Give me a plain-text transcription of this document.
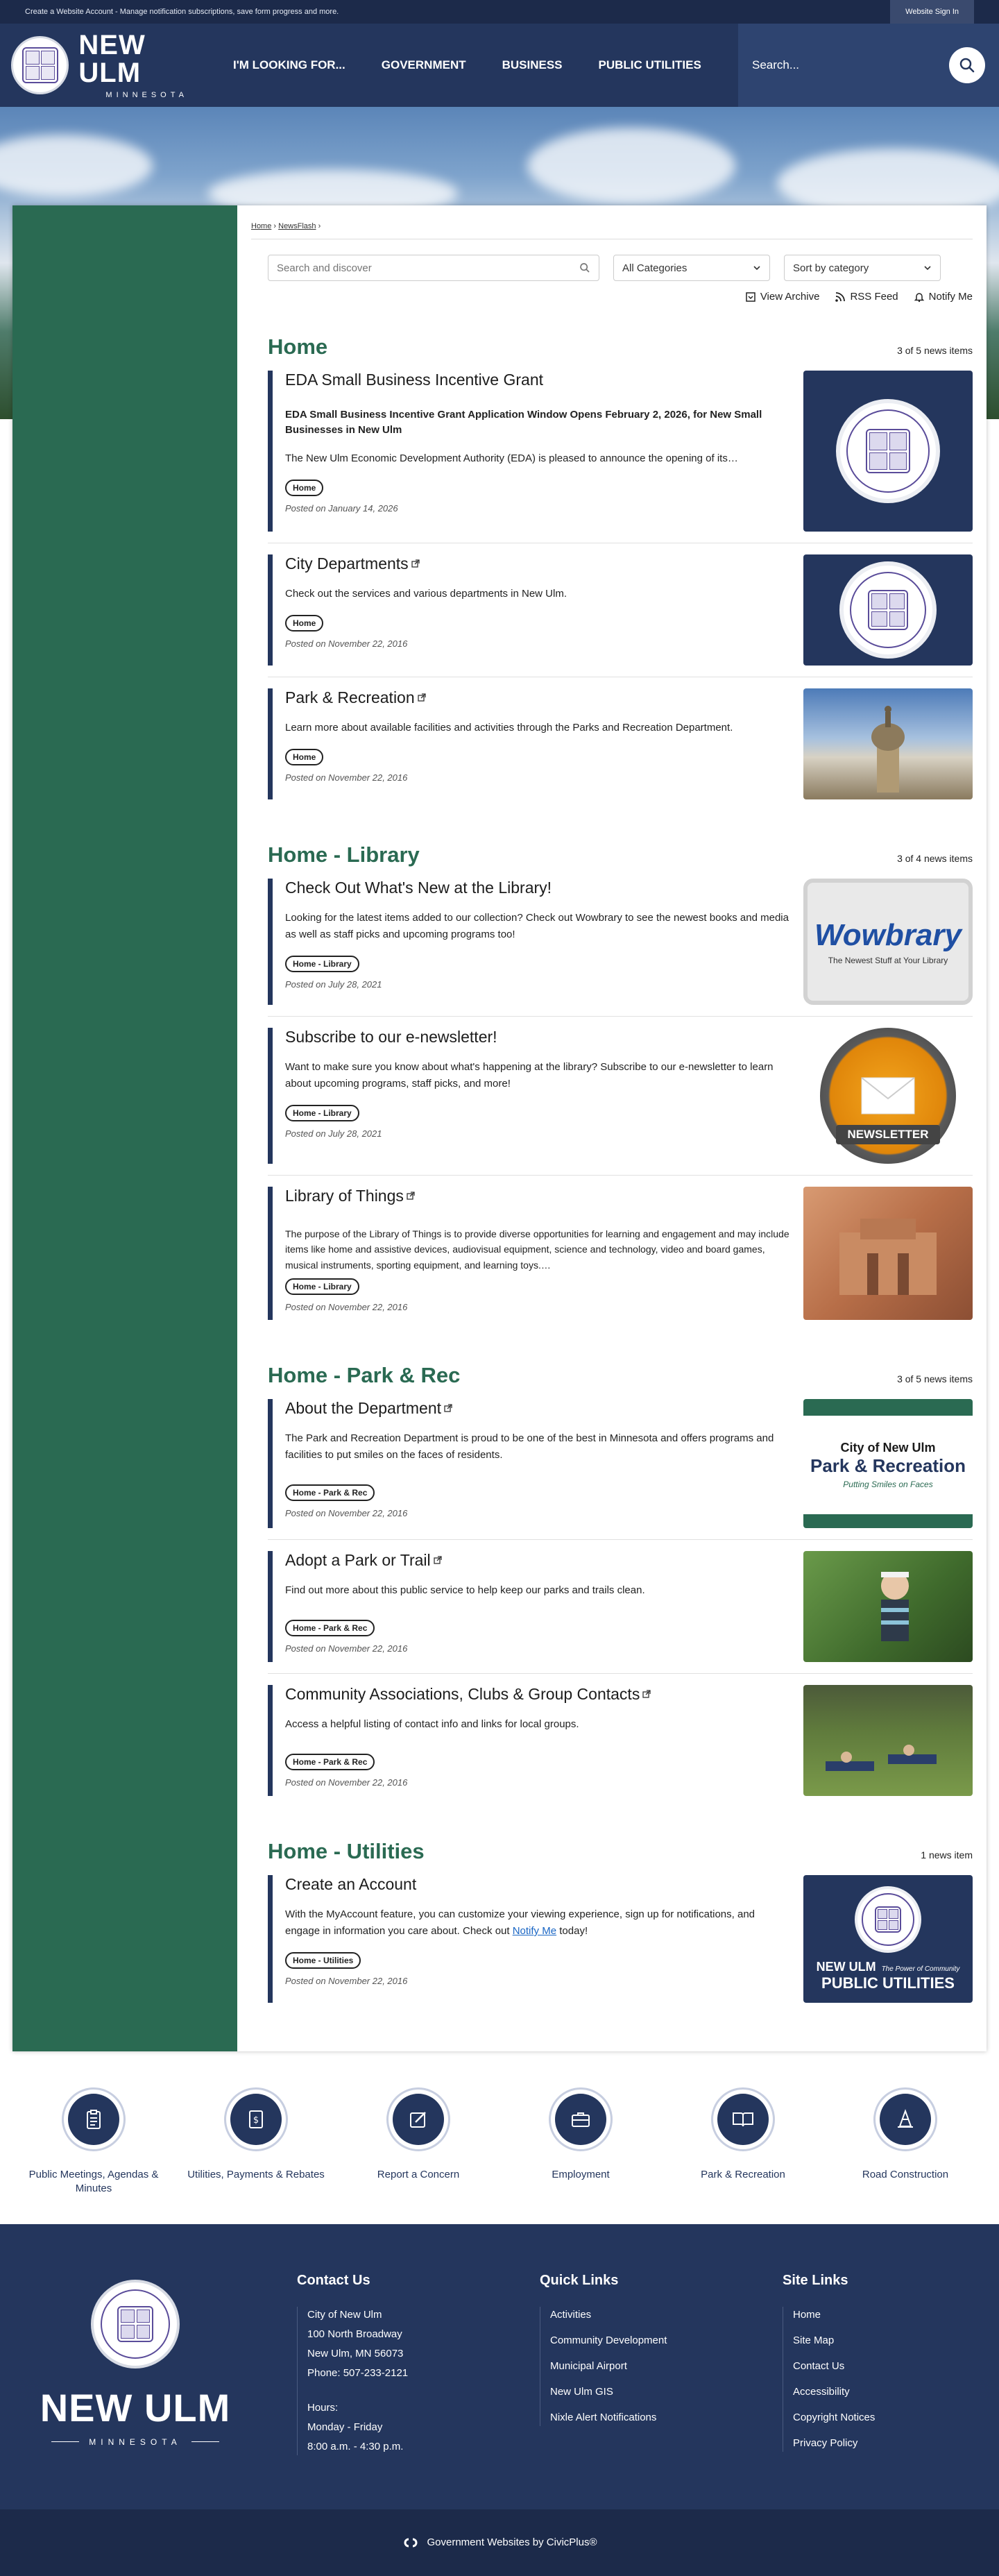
Create a Website Account - Manage notification subscriptions, save form progress and more.	Website Sign In
NEW ULM
MINNESOTA
I'M LOOKING FOR...	GOVERNMENT	BUSINESS	PUBLIC UTILITIES
Search...
Home › NewsFlash ›
Search and discover
All Categories	Sort by category
View Archive	RSS Feed	Notify Me
Home	3 of 5 news items
EDA Small Business Incentive Grant
EDA Small Business Incentive Grant Application Window Opens February 2, 2026, for New Small Businesses in New Ulm
The New Ulm Economic Development Authority (EDA) is pleased to announce the opening of its…
Home
Posted on January 14, 2026
City Departments
Check out the services and various departments in New Ulm.
Home
Posted on November 22, 2016
Park & Recreation
Learn more about available facilities and activities through the Parks and Recreation Department.
Home
Posted on November 22, 2016
Home - Library	3 of 4 news items
Check Out What's New at the Library!
Looking for the latest items added to our collection? Check out Wowbrary to see the newest books and media as well as staff picks and upcoming programs too!
Home - Library
Posted on July 28, 2021
Wowbrary
The Newest Stuff at Your Library
Subscribe to our e-newsletter!
Want to make sure you know about what's happening at the library? Subscribe to our e-newsletter to learn about upcoming programs, staff picks, and more!
Home - Library
Posted on July 28, 2021	NEWSLETTER
Library of Things
The purpose of the Library of Things is to provide diverse opportunities for learning and engagement and may include items like home and assistive devices, audiovisual equipment, science and technology, video and board games, musical instruments, sporting equipment, and learning toys.…
Home - Library
Posted on November 22, 2016
Home - Park & Rec	3 of 5 news items
About the Department
The Park and Recreation Department is proud to be one of the best in Minnesota and offers programs and facilities to put smiles on the faces of residents.
Home - Park & Rec
Posted on November 22, 2016
City of New Ulm
Park & Recreation
Putting Smiles on Faces
Adopt a Park or Trail
Find out more about this public service to help keep our parks and trails clean.
Home - Park & Rec
Posted on November 22, 2016
Community Associations, Clubs & Group Contacts
Access a helpful listing of contact info and links for local groups.
Home - Park & Rec
Posted on November 22, 2016
Home - Utilities	1 news item
Create an Account
With the MyAccount feature, you can customize your viewing experience, sign up for notifications, and engage in information you care about. Check out Notify Me today!
Home - Utilities
Posted on November 22, 2016
NEW ULM The Power of Community
PUBLIC UTILITIES
Public Meetings, Agendas & Minutes
$
Utilities, Payments & Rebates	Report a Concern	Employment	Park & Recreation	Road Construction
NEW ULM
MINNESOTA
Contact Us
City of New Ulm
100 North Broadway
New Ulm, MN 56073
Phone: 507-233-2121
Hours:
Monday - Friday
8:00 a.m. - 4:30 p.m.
Quick Links
Activities
Community Development
Municipal Airport
New Ulm GIS
Nixle Alert Notifications
Site Links
Home
Site Map
Contact Us
Accessibility
Copyright Notices
Privacy Policy
Government Websites by CivicPlus®
